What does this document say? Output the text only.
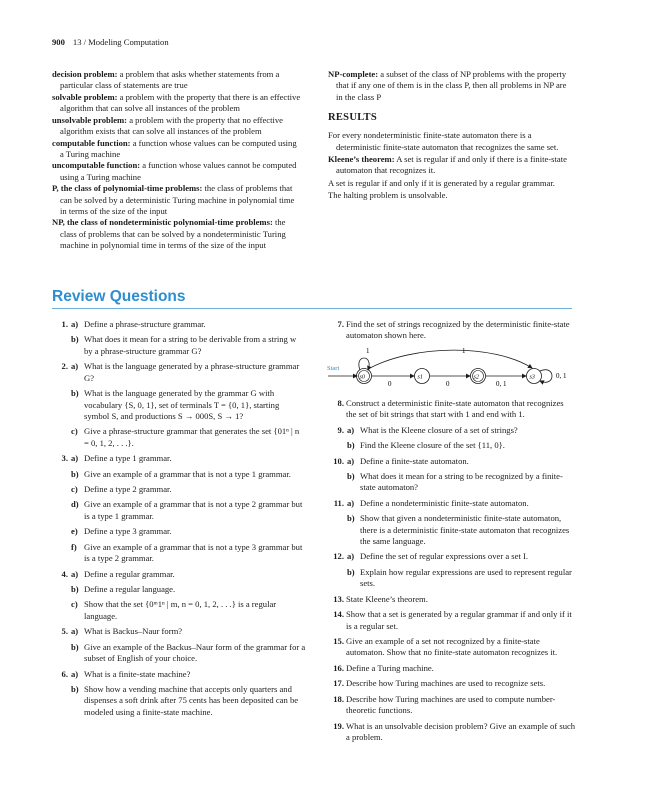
900 13 / Modeling Computation

decision problem: a problem that asks whether statements from a particular class of statements are true

solvable problem: a problem with the property that there is an effective algorithm that can solve all instances of the problem

unsolvable problem: a problem with the property that no effective algorithm exists that can solve all instances of the problem

computable function: a function whose values can be computed using a Turing machine

uncomputable function: a function whose values cannot be computed using a Turing machine

P, the class of polynomial-time problems: the class of problems that can be solved by a deterministic Turing machine in polynomial time in terms of the size of the input

NP, the class of nondeterministic polynomial-time problems: the class of problems that can be solved by a nondeterministic Turing machine in polynomial time in terms of the size of the input

NP-complete: a subset of the class of NP problems with the property that if any one of them is in the class P, then all problems in NP are in the class P

RESULTS

For every nondeterministic finite-state automaton there is a deterministic finite-state automaton that recognizes the same set.

Kleene’s theorem: A set is regular if and only if there is a finite-state automaton that recognizes it.

A set is regular if and only if it is generated by a regular grammar.

The halting problem is unsolvable.

Review Questions
1. a) Define a phrase-structure grammar.
b) What does it mean for a string to be derivable from a string w by a phrase-structure grammar G?
2. a) What is the language generated by a phrase-structure grammar G?
b) What is the language generated by the grammar G with vocabulary {S, 0, 1}, set of terminals T = {0, 1}, starting symbol S, and productions S → 000S, S → 1?
c) Give a phrase-structure grammar that generates the set {01ⁿ | n = 0, 1, 2, . . .}.
3. a) Define a type 1 grammar.
b) Give an example of a grammar that is not a type 1 grammar.
c) Define a type 2 grammar.
d) Give an example of a grammar that is not a type 2 grammar but is a type 1 grammar.
e) Define a type 3 grammar.
f) Give an example of a grammar that is not a type 3 grammar but is a type 2 grammar.
4. a) Define a regular grammar.
b) Define a regular language.
c) Show that the set {0ᵐ1ⁿ | m, n = 0, 1, 2, . . .} is a regular language.
5. a) What is Backus–Naur form?
b) Give an example of the Backus–Naur form of the grammar for a subset of English of your choice.
6. a) What is a finite-state machine?
b) Show how a vending machine that accepts only quarters and dispenses a soft drink after 75 cents has been deposited can be modeled using a finite-state machine.
7. Find the set of strings recognized by the deterministic finite-state automaton shown here.
Start
1	1
s0
0
s1
0
s2
0, 1
s3	0, 1
8. Construct a deterministic finite-state automaton that recognizes the set of bit strings that start with 1 and end with 1.
9. a) What is the Kleene closure of a set of strings?
b) Find the Kleene closure of the set {11, 0}.
10. a) Define a finite-state automaton.
b) What does it mean for a string to be recognized by a finite-state automaton?
11. a) Define a nondeterministic finite-state automaton.
b) Show that given a nondeterministic finite-state automaton, there is a deterministic finite-state automaton that recognizes the same language.
12. a) Define the set of regular expressions over a set I.
b) Explain how regular expressions are used to represent regular sets.
13. State Kleene’s theorem.
14. Show that a set is generated by a regular grammar if and only if it is a regular set.
15. Give an example of a set not recognized by a finite-state automaton. Show that no finite-state automaton recognizes it.
16. Define a Turing machine.
17. Describe how Turing machines are used to recognize sets.
18. Describe how Turing machines are used to compute number-theoretic functions.
19. What is an unsolvable decision problem? Give an example of such a problem.
